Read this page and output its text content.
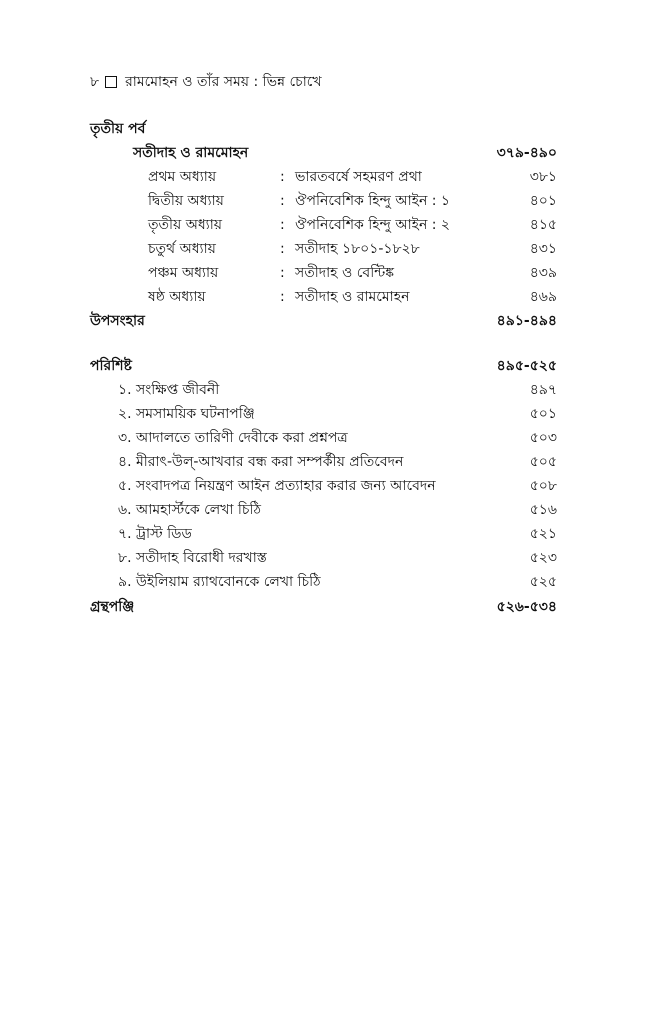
৮ রামমোহন ও তাঁর সময় : ভিন্ন চোখে
তৃতীয় পর্ব
সতীদাহ ও রামমোহন	৩৭৯-৪৯০
প্রথম অধ্যায়	: ভারতবর্ষে সহমরণ প্রথা	৩৮১
দ্বিতীয় অধ্যায়	: ঔপনিবেশিক হিন্দু আইন : ১	৪০১
তৃতীয় অধ্যায়	: ঔপনিবেশিক হিন্দু আইন : ২	৪১৫
চতুর্থ অধ্যায়	: সতীদাহ ১৮০১-১৮২৮	৪৩১
পঞ্চম অধ্যায়	: সতীদাহ ও বেন্টিঙ্ক	৪৩৯
ষষ্ঠ অধ্যায়	: সতীদাহ ও রামমোহন	৪৬৯
উপসংহার	৪৯১-৪৯৪
পরিশিষ্ট	৪৯৫-৫২৫
১. সংক্ষিপ্ত জীবনী	৪৯৭
২. সমসাময়িক ঘটনাপঞ্জি	৫০১
৩. আদালতে তারিণী দেবীকে করা প্রশ্নপত্র	৫০৩
৪. মীরাৎ-উল্-আখবার বন্ধ করা সম্পর্কীয় প্রতিবেদন	৫০৫
৫. সংবাদপত্র নিয়ন্ত্রণ আইন প্রত্যাহার করার জন্য আবেদন	৫০৮
৬. আমহার্স্টকে লেখা চিঠি	৫১৬
৭. ট্রাস্ট ডিড	৫২১
৮. সতীদাহ বিরোধী দরখাস্ত	৫২৩
৯. উইলিয়াম র‍্যাথবোনকে লেখা চিঠি	৫২৫
গ্রন্থপঞ্জি	৫২৬-৫৩৪
